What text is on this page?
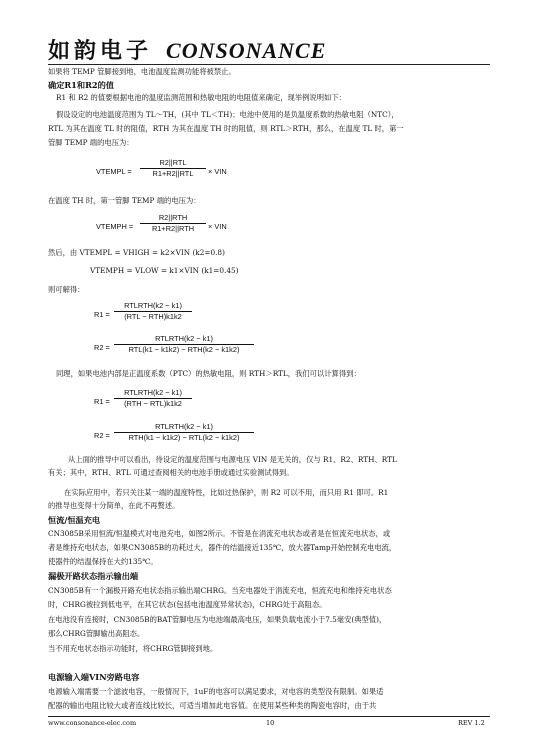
如韵电子 CONSONANCE
如果将 TEMP 管脚接到地，电池温度监测功能将被禁止。
确定R1和R2的值
R1 和 R2 的值要根据电池的温度监测范围和热敏电阻的电阻值来确定，现举例说明如下：
假设设定的电池温度范围为 TL～TH，(其中 TL＜TH)；电池中使用的是负温度系数的热敏电阻（NTC），
RTL 为其在温度 TL 时的阻值，RTH 为其在温度 TH 时的阻值，则 RTL＞RTH，那么，在温度 TL 时，第一
管脚 TEMP 端的电压为：
VTEMPL =
R2||RTL
R1+R2||RTL	× VIN
在温度 TH 时，第一管脚 TEMP 端的电压为：
VTEMPH =
R2||RTH
R1+R2||RTH	× VIN
然后，由 VTEMPL = VHIGH = k2×VIN (k2=0.8)
VTEMPH = VLOW = k1×VIN (k1=0.45)
则可解得：
R1 =
RTLRTH(k2 − k1)
(RTL − RTH)k1k2
R2 =
RTLRTH(k2 − k1)
RTL(k1 − k1k2) − RTH(k2 − k1k2)
同理，如果电池内部是正温度系数（PTC）的热敏电阻，则 RTH＞RTL，我们可以计算得到：
R1 =
RTLRTH(k2 − k1)
(RTH − RTL)k1k2
R2 =
RTLRTH(k2 − k1)
RTH(k1 − k1k2) − RTL(k2 − k1k2)
从上面的推导中可以看出，待设定的温度范围与电源电压 VIN 是无关的，仅与 R1、R2、RTH、RTL
有关；其中，RTH、RTL 可通过查阅相关的电池手册或通过实验测试得到。
在实际应用中，若只关注某一端的温度特性，比如过热保护，则 R2 可以不用，而只用 R1 即可。R1
的推导也变得十分简单，在此不再赘述。
恒流/恒温充电
CN3085B采用恒流/恒温模式对电池充电，如图2所示。不管是在涓流充电状态或者是在恒流充电状态，或
者是维持充电状态，如果CN3085B的功耗过大，器件的结温接近135℃，放大器Tamp开始控制充电电流，
使器件的结温保持在大约135℃。
漏极开路状态指示输出端
CN3085B有一个漏极开路充电状态指示输出端CHRG。当充电器处于涓流充电，恒流充电和维持充电状态
时，CHRG被拉到低电平，在其它状态(包括电池温度异常状态)，CHRG处于高阻态。
在电池没有连接时，CN3085B的BAT管脚电压为电池端最高电压，如果负载电流小于7.5毫安(典型值)，
那么CHRG管脚输出高阻态。
当不用充电状态指示功能时，将CHRG管脚接到地。
电源输入端VIN旁路电容
电源输入端需要一个滤波电容，一般情况下，1uF的电容可以满足要求，对电容的类型没有限制。如果适
配器的输出电阻比较大或者连线比较长，可适当增加此电容值。在使用某些种类的陶瓷电容时，由于共
www.consonance-elec.com	10	REV 1.2
